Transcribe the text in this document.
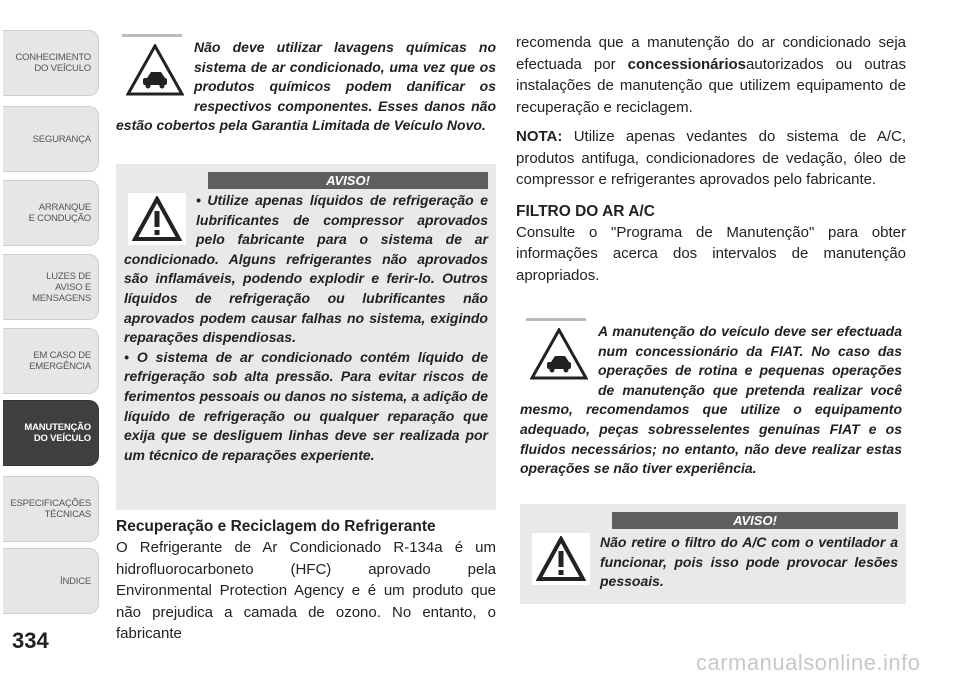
CONHECIMENTO
DO VEÍCULO
SEGURANÇA
ARRANQUE
E CONDUÇÃO
LUZES DE
AVISO E
MENSAGENS
EM CASO DE
EMERGÊNCIA
MANUTENÇÃO
DO VEÍCULO
ESPECIFICAÇÕES
TÉCNICAS
ÍNDICE
334
carmanualsonline.info

Não deve utilizar lavagens químicas no sistema de ar condicionado, uma vez que os produtos químicos podem danificar os respectivos componentes. Esses danos não estão cobertos pela Garantia Limitada de Veículo Novo.

AVISO!

• Utilize apenas líquidos de refrigeração e lubrificantes de compressor aprovados pelo fabricante para o sistema de ar condicionado. Alguns refrigerantes não aprovados são inflamáveis, podendo explodir e ferir-lo. Outros líquidos de refrigeração ou lubrificantes não aprovados podem causar falhas no sistema, exigindo reparações dispendiosas.

• O sistema de ar condicionado contém líquido de refrigeração sob alta pressão. Para evitar riscos de ferimentos pessoais ou danos no sistema, a adição de líquido de refrigeração ou qualquer reparação que exija que se desliguem linhas deve ser realizada por um técnico de reparações experiente.

Recuperação e Reciclagem do Refrigerante

O Refrigerante de Ar Condicionado R-134a é um hidrofluorocarboneto (HFC) aprovado pela Environmental Protection Agency e é um produto que não prejudica a camada de ozono. No entanto, o fabricante

recomenda que a manutenção do ar condicionado seja efectuada por concessionáriosautorizados ou outras instalações de manutenção que utilizem equipamento de recuperação e reciclagem.

NOTA: Utilize apenas vedantes do sistema de A/C, produtos antifuga, condicionadores de vedação, óleo de compressor e refrigerantes aprovados pelo fabricante.

FILTRO DO AR A/C

Consulte o "Programa de Manutenção" para obter informações acerca dos intervalos de manutenção apropriados.

A manutenção do veículo deve ser efectuada num concessionário da FIAT. No caso das operações de rotina e pequenas operações de manutenção que pretenda realizar você mesmo, recomendamos que utilize o equipamento adequado, peças sobresselentes genuínas FIAT e os fluidos necessários; no entanto, não deve realizar estas operações se não tiver experiência.

AVISO!

Não retire o filtro do A/C com o ventilador a funcionar, pois isso pode provocar lesões pessoais.
